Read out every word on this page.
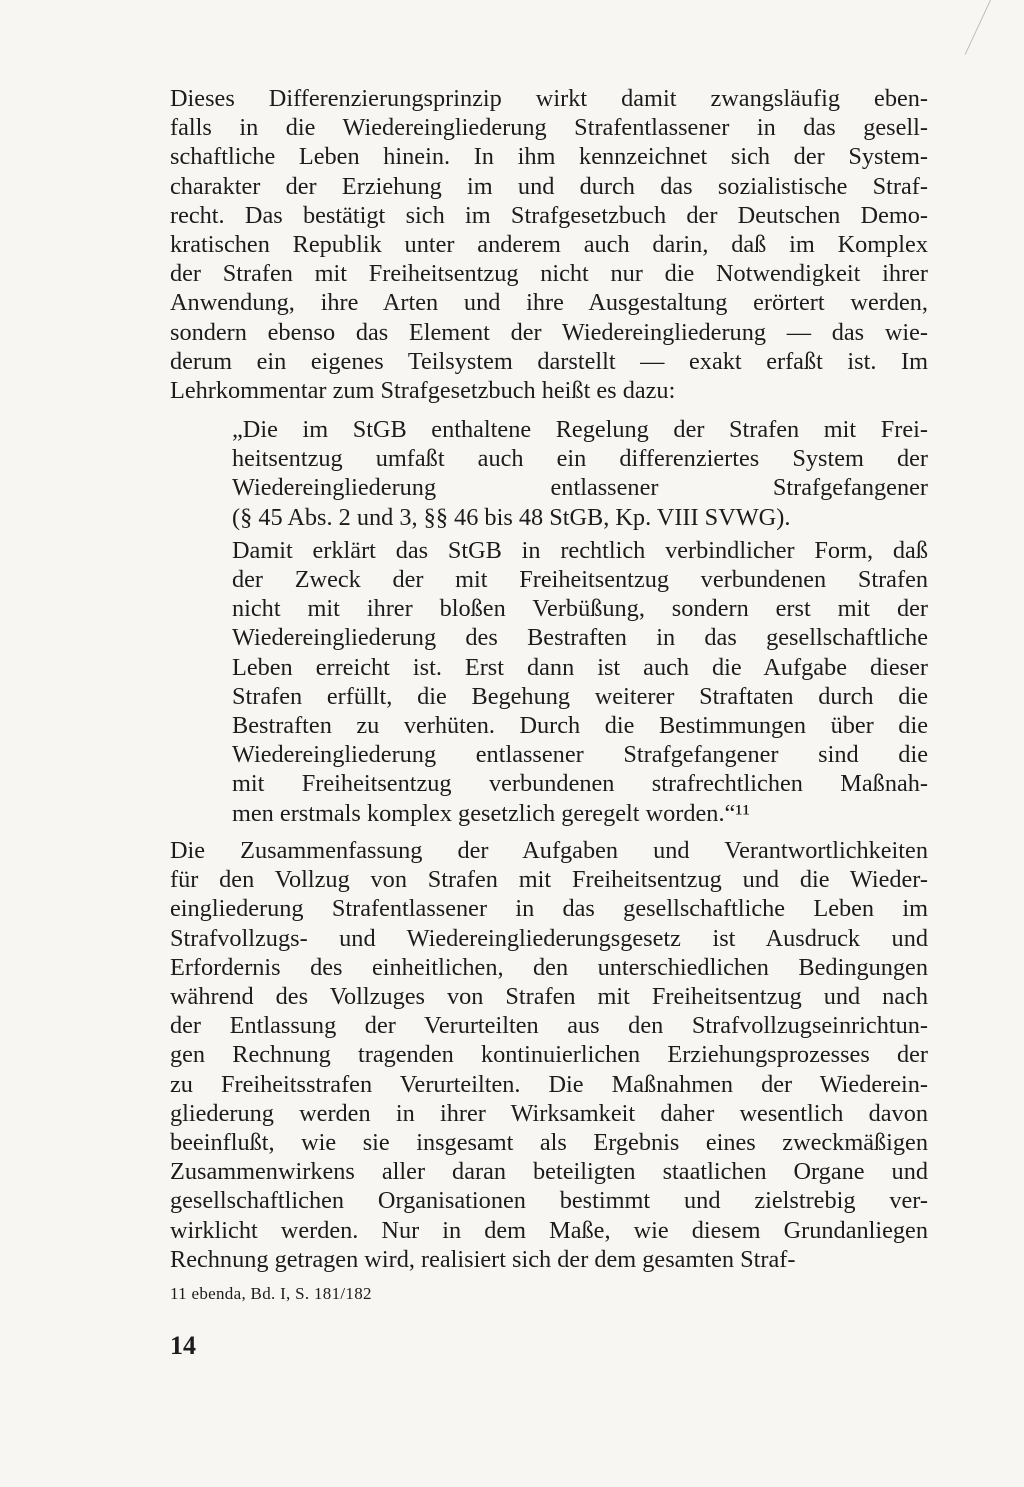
Dieses Differenzierungsprinzip wirkt damit zwangsläufig eben-
falls in die Wiedereingliederung Strafentlassener in das gesell-
schaftliche Leben hinein. In ihm kennzeichnet sich der System-
charakter der Erziehung im und durch das sozialistische Straf-
recht. Das bestätigt sich im Strafgesetzbuch der Deutschen Demo-
kratischen Republik unter anderem auch darin, daß im Komplex
der Strafen mit Freiheitsentzug nicht nur die Notwendigkeit ihrer
Anwendung, ihre Arten und ihre Ausgestaltung erörtert werden,
sondern ebenso das Element der Wiedereingliederung — das wie-
derum ein eigenes Teilsystem darstellt — exakt erfaßt ist. Im
Lehrkommentar zum Strafgesetzbuch heißt es dazu:
„Die im StGB enthaltene Regelung der Strafen mit Frei-
heitsentzug umfaßt auch ein differenziertes System der
Wiedereingliederung entlassener Strafgefangener
(§ 45 Abs. 2 und 3, §§ 46 bis 48 StGB, Kp. VIII SVWG).
Damit erklärt das StGB in rechtlich verbindlicher Form, daß
der Zweck der mit Freiheitsentzug verbundenen Strafen
nicht mit ihrer bloßen Verbüßung, sondern erst mit der
Wiedereingliederung des Bestraften in das gesellschaftliche
Leben erreicht ist. Erst dann ist auch die Aufgabe dieser
Strafen erfüllt, die Begehung weiterer Straftaten durch die
Bestraften zu verhüten. Durch die Bestimmungen über die
Wiedereingliederung entlassener Strafgefangener sind die
mit Freiheitsentzug verbundenen strafrechtlichen Maßnah-
men erstmals komplex gesetzlich geregelt worden.“¹¹
Die Zusammenfassung der Aufgaben und Verantwortlichkeiten
für den Vollzug von Strafen mit Freiheitsentzug und die Wieder-
eingliederung Strafentlassener in das gesellschaftliche Leben im
Strafvollzugs- und Wiedereingliederungsgesetz ist Ausdruck und
Erfordernis des einheitlichen, den unterschiedlichen Bedingungen
während des Vollzuges von Strafen mit Freiheitsentzug und nach
der Entlassung der Verurteilten aus den Strafvollzugseinrichtun-
gen Rechnung tragenden kontinuierlichen Erziehungsprozesses der
zu Freiheitsstrafen Verurteilten. Die Maßnahmen der Wiederein-
gliederung werden in ihrer Wirksamkeit daher wesentlich davon
beeinflußt, wie sie insgesamt als Ergebnis eines zweckmäßigen
Zusammenwirkens aller daran beteiligten staatlichen Organe und
gesellschaftlichen Organisationen bestimmt und zielstrebig ver-
wirklicht werden. Nur in dem Maße, wie diesem Grundanliegen
Rechnung getragen wird, realisiert sich der dem gesamten Straf-

11 ebenda, Bd. I, S. 181/182

14
